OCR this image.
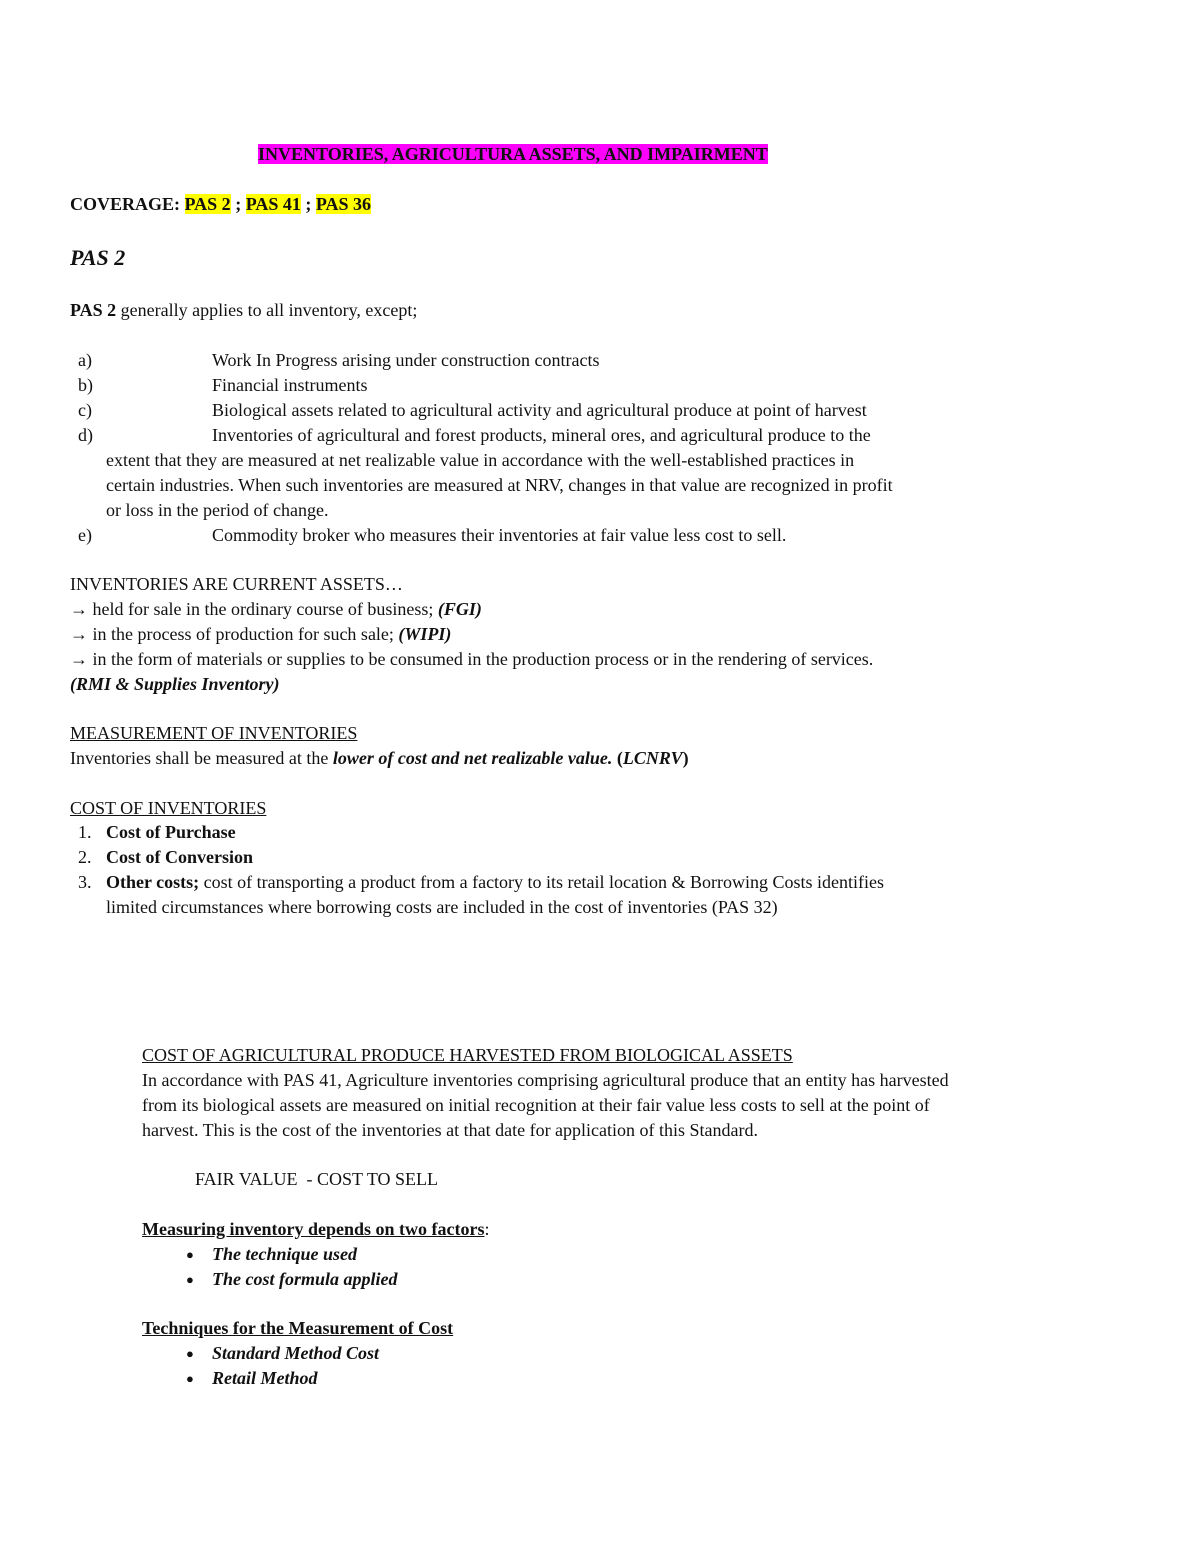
INVENTORIES, AGRICULTURA ASSETS, AND IMPAIRMENT
COVERAGE: PAS 2 ; PAS 41 ; PAS 36
PAS 2
PAS 2 generally applies to all inventory, except;
a)	Work In Progress arising under construction contracts
b)	Financial instruments
c)	Biological assets related to agricultural activity and agricultural produce at point of harvest
d)	Inventories of agricultural and forest products, mineral ores, and agricultural produce to the
extent that they are measured at net realizable value in accordance with the well-established practices in
certain industries. When such inventories are measured at NRV, changes in that value are recognized in profit
or loss in the period of change.
e)	Commodity broker who measures their inventories at fair value less cost to sell.
INVENTORIES ARE CURRENT ASSETS…
→ held for sale in the ordinary course of business; (FGI)
→ in the process of production for such sale; (WIPI)
→ in the form of materials or supplies to be consumed in the production process or in the rendering of services.
(RMI & Supplies Inventory)
MEASUREMENT OF INVENTORIES
Inventories shall be measured at the lower of cost and net realizable value. (LCNRV)
COST OF INVENTORIES
1. Cost of Purchase
2. Cost of Conversion
3. Other costs; cost of transporting a product from a factory to its retail location & Borrowing Costs identifies
limited circumstances where borrowing costs are included in the cost of inventories (PAS 32)
COST OF AGRICULTURAL PRODUCE HARVESTED FROM BIOLOGICAL ASSETS
In accordance with PAS 41, Agriculture inventories comprising agricultural produce that an entity has harvested
from its biological assets are measured on initial recognition at their fair value less costs to sell at the point of
harvest. This is the cost of the inventories at that date for application of this Standard.
FAIR VALUE  - COST TO SELL
Measuring inventory depends on two factors:
● The technique used
● The cost formula applied
Techniques for the Measurement of Cost
● Standard Method Cost
● Retail Method
